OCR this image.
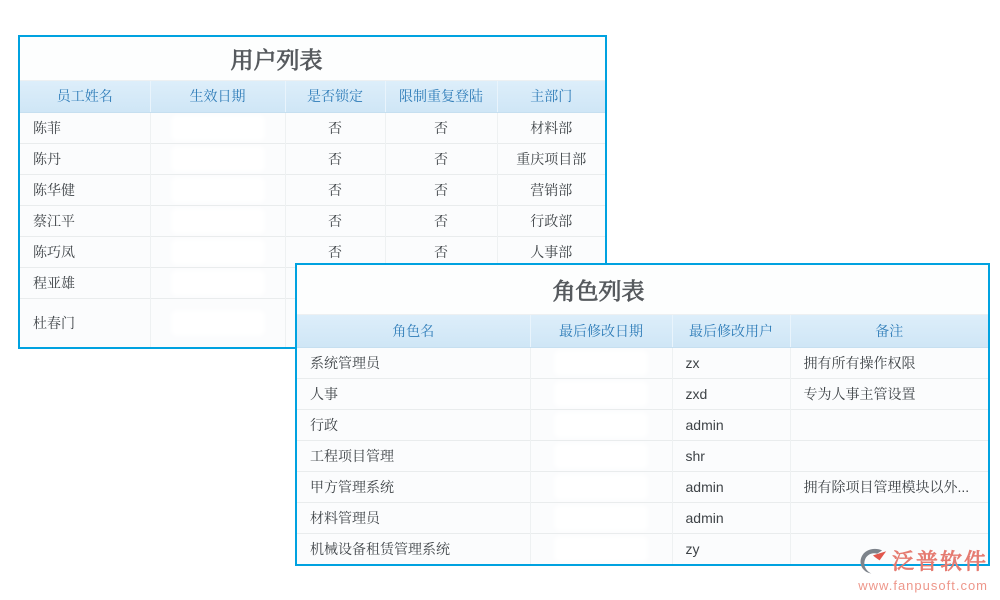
用户列表
员工姓名	生效日期	是否锁定	限制重复登陆	主部门
陈菲		否	否	材料部
陈丹		否	否	重庆项目部
陈华健		否	否	营销部
蔡江平		否	否	行政部
陈巧凤		否	否	人事部
程亚雄	

杜春门	

角色列表
角色名	最后修改日期	最后修改用户	备注
系统管理员		zx	拥有所有操作权限
人事		zxd	专为人事主管设置
行政		admin	
工程项目管理		shr	
甲方管理系统		admin	拥有除项目管理模块以外...
材料管理员		admin	
机械设备租赁管理系统		zy	
泛普软件
www.fanpusoft.com
